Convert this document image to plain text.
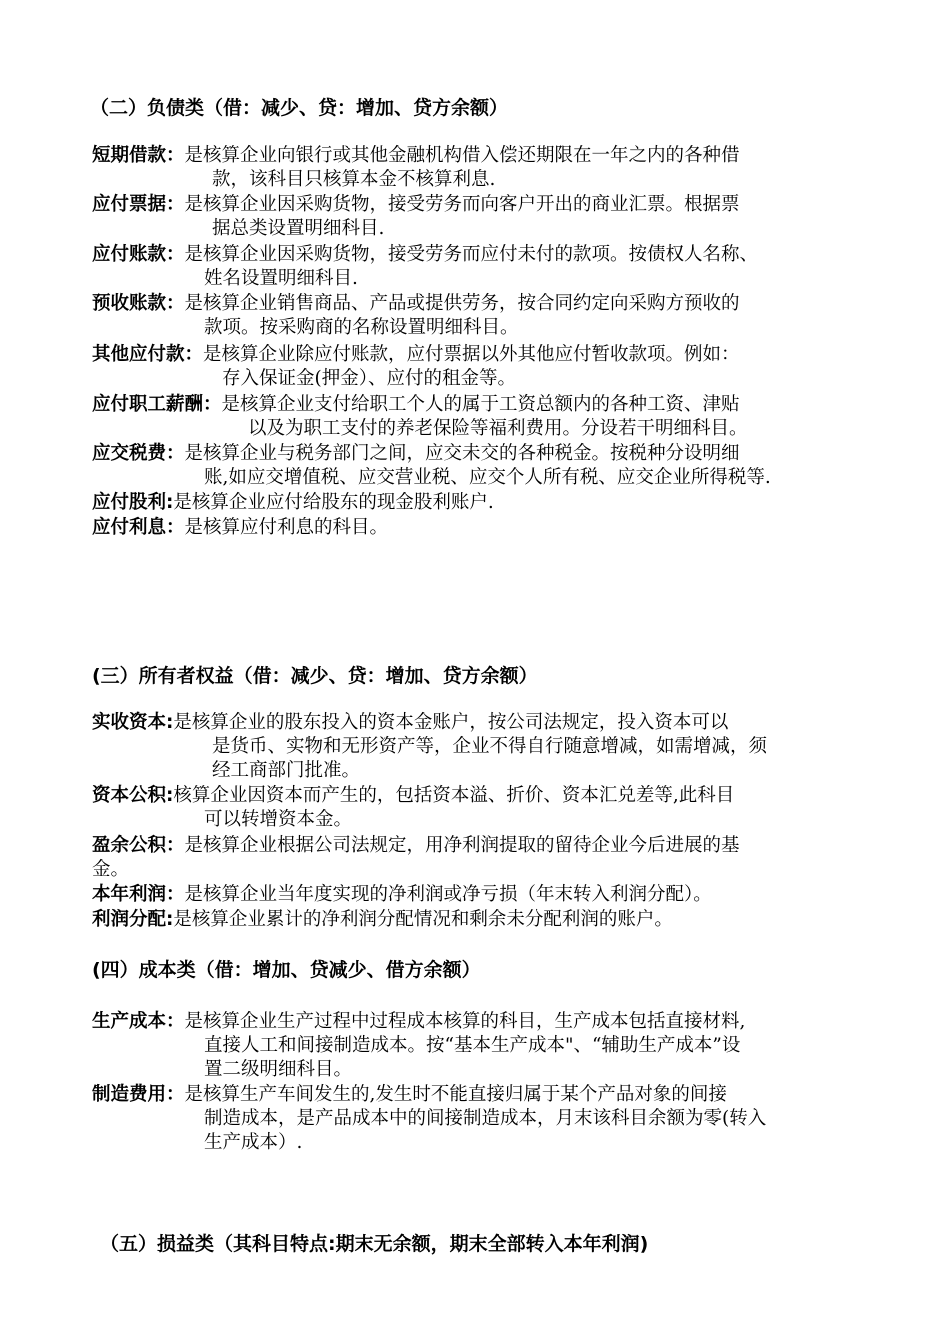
（二）负债类（借：减少、贷：增加、贷方余额）
短期借款：是核算企业向银行或其他金融机构借入偿还期限在一年之内的各种借
款，该科目只核算本金不核算利息.
应付票据：是核算企业因采购货物，接受劳务而向客户开出的商业汇票。根据票
据总类设置明细科目.
应付账款：是核算企业因采购货物，接受劳务而应付未付的款项。按债权人名称、
姓名设置明细科目.
预收账款：是核算企业销售商品、产品或提供劳务，按合同约定向采购方预收的
款项。按采购商的名称设置明细科目。
其他应付款：是核算企业除应付账款，应付票据以外其他应付暂收款项。例如：
存入保证金(押金）、应付的租金等。
应付职工薪酬：是核算企业支付给职工个人的属于工资总额内的各种工资、津贴
以及为职工支付的养老保险等福利费用。分设若干明细科目。
应交税费：是核算企业与税务部门之间，应交未交的各种税金。按税种分设明细
账,如应交增值税、应交营业税、应交个人所有税、应交企业所得税等.
应付股利:是核算企业应付给股东的现金股利账户.
应付利息：是核算应付利息的科目。
(三）所有者权益（借：减少、贷：增加、贷方余额）
实收资本:是核算企业的股东投入的资本金账户，按公司法规定，投入资本可以
是货币、实物和无形资产等，企业不得自行随意增减，如需增减，须
经工商部门批准。
资本公积:核算企业因资本而产生的，包括资本溢、折价、资本汇兑差等,此科目
可以转增资本金。
盈余公积：是核算企业根据公司法规定，用净利润提取的留待企业今后进展的基
金。
本年利润：是核算企业当年度实现的净利润或净亏损（年末转入利润分配）。
利润分配:是核算企业累计的净利润分配情况和剩余未分配利润的账户。
(四）成本类（借：增加、贷减少、借方余额）
生产成本：是核算企业生产过程中过程成本核算的科目，生产成本包括直接材料,
直接人工和间接制造成本。按“基本生产成本"、“辅助生产成本”设
置二级明细科目。
制造费用：是核算生产车间发生的,发生时不能直接归属于某个产品对象的间接
制造成本，是产品成本中的间接制造成本，月末该科目余额为零(转入
生产成本）.
（五）损益类（其科目特点:期末无余额，期末全部转入本年利润)
